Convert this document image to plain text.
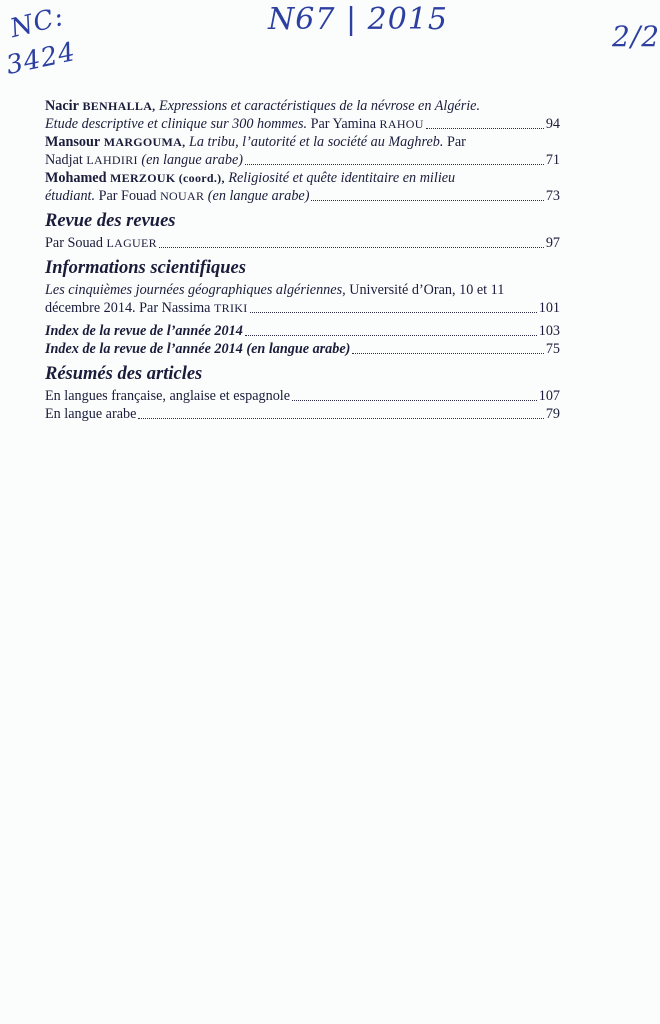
NC:
3424
N67 | 2015	2/2
Nacir BENHALLA, Expressions et caractéristiques de la névrose en Algérie.
Etude descriptive et clinique sur 300 hommes. Par Yamina RAHOU	94
Mansour MARGOUMA, La tribu, l’autorité et la société au Maghreb. Par
Nadjat LAHDIRI (en langue arabe)	71
Mohamed MERZOUK (coord.), Religiosité et quête identitaire en milieu
étudiant. Par Fouad NOUAR (en langue arabe)	73
Revue des revues
Par Souad LAGUER	97
Informations scientifiques
Les cinquièmes journées géographiques algériennes, Université d’Oran, 10 et 11
décembre 2014. Par Nassima TRIKI	101
Index de la revue de l’année 2014	103
Index de la revue de l’année 2014 (en langue arabe)	75
Résumés des articles
En langues française, anglaise et espagnole	107
En langue arabe	79
